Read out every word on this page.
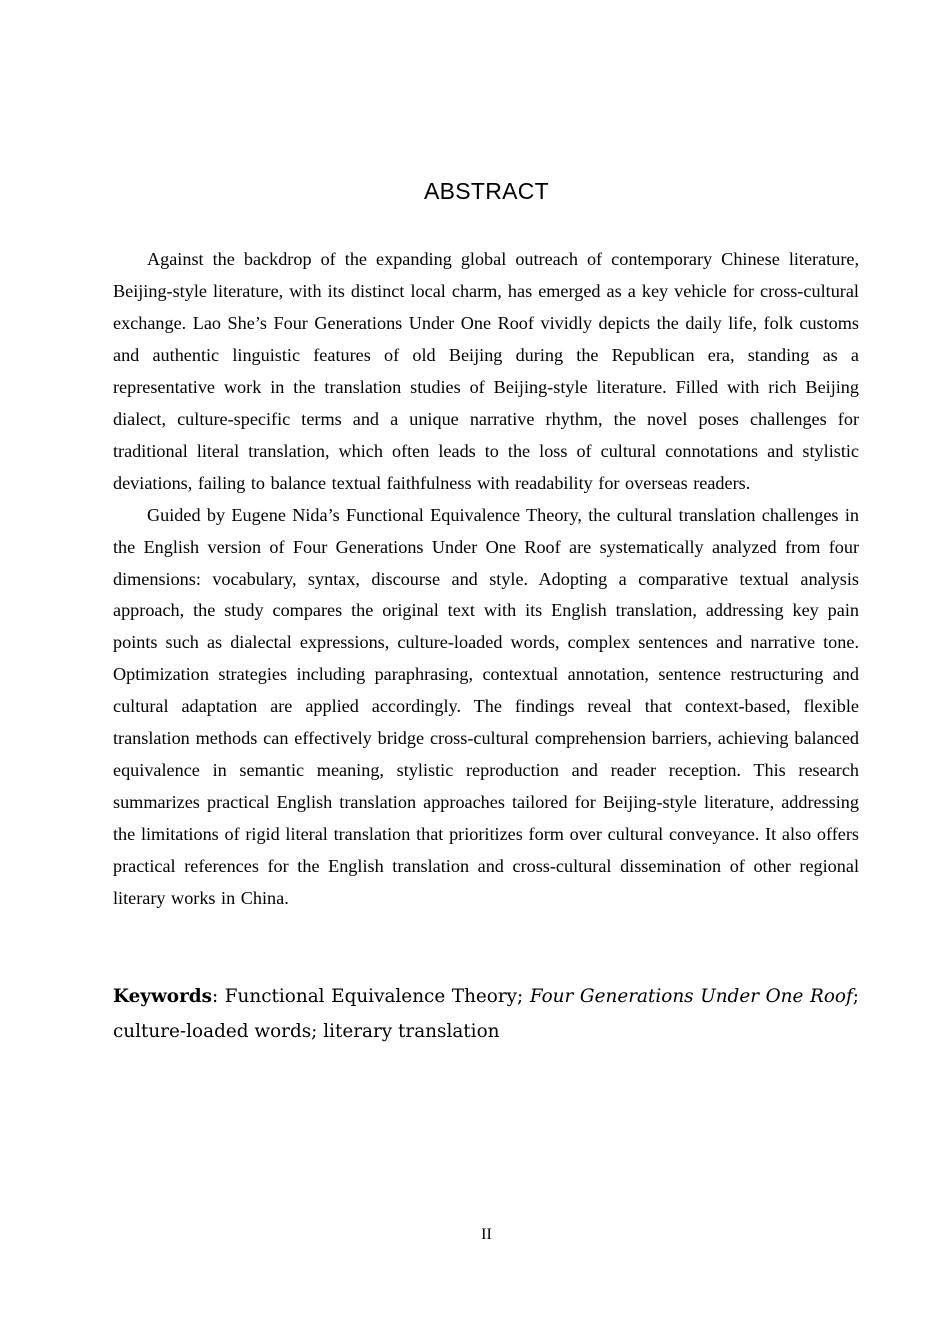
ABSTRACT

Against the backdrop of the expanding global outreach of contemporary Chinese literature, Beijing-style literature, with its distinct local charm, has emerged as a key vehicle for cross-cultural exchange. Lao She’s Four Generations Under One Roof vividly depicts the daily life, folk customs and authentic linguistic features of old Beijing during the Republican era, standing as a representative work in the translation studies of Beijing-style literature. Filled with rich Beijing dialect, culture-specific terms and a unique narrative rhythm, the novel poses challenges for traditional literal translation, which often leads to the loss of cultural connotations and stylistic deviations, failing to balance textual faithfulness with readability for overseas readers.

Guided by Eugene Nida’s Functional Equivalence Theory, the cultural translation challenges in the English version of Four Generations Under One Roof are systematically analyzed from four dimensions: vocabulary, syntax, discourse and style. Adopting a comparative textual analysis approach, the study compares the original text with its English translation, addressing key pain points such as dialectal expressions, culture-loaded words, complex sentences and narrative tone. Optimization strategies including paraphrasing, contextual annotation, sentence restructuring and cultural adaptation are applied accordingly. The findings reveal that context-based, flexible translation methods can effectively bridge cross-cultural comprehension barriers, achieving balanced equivalence in semantic meaning, stylistic reproduction and reader reception. This research summarizes practical English translation approaches tailored for Beijing-style literature, addressing the limitations of rigid literal translation that prioritizes form over cultural conveyance. It also offers practical references for the English translation and cross-cultural dissemination of other regional literary works in China.

Keywords: Functional Equivalence Theory; Four Generations Under One Roof; culture-loaded words; literary translation
II
